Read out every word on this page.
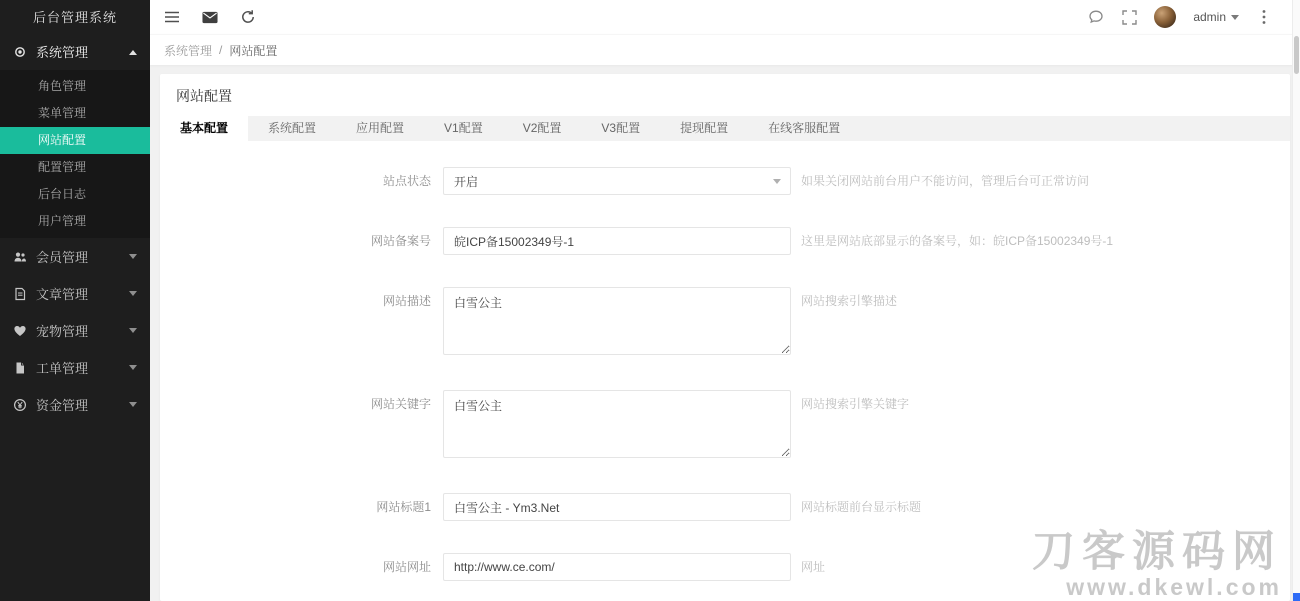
后台管理系统
系统管理
角色管理
菜单管理
网站配置
配置管理
后台日志
用户管理
会员管理
文章管理
宠物管理
工单管理
资金管理
admin
系统管理 / 网站配置
网站配置
基本配置	系统配置	应用配置	V1配置	V2配置	V3配置	提现配置	在线客服配置
站点状态	开启	如果关闭网站前台用户不能访问，管理后台可正常访问
网站备案号
皖ICP备15002349号-1	这里是网站底部显示的备案号，如：皖ICP备15002349号-1
网站描述
白雪公主	网站搜索引擎描述
网站关键字
白雪公主	网站搜索引擎关键字
网站标题1
白雪公主 - Ym3.Net	网站标题前台显示标题
网站网址
http://www.ce.com/	网址	刀客源码网
www.dkewl.com
